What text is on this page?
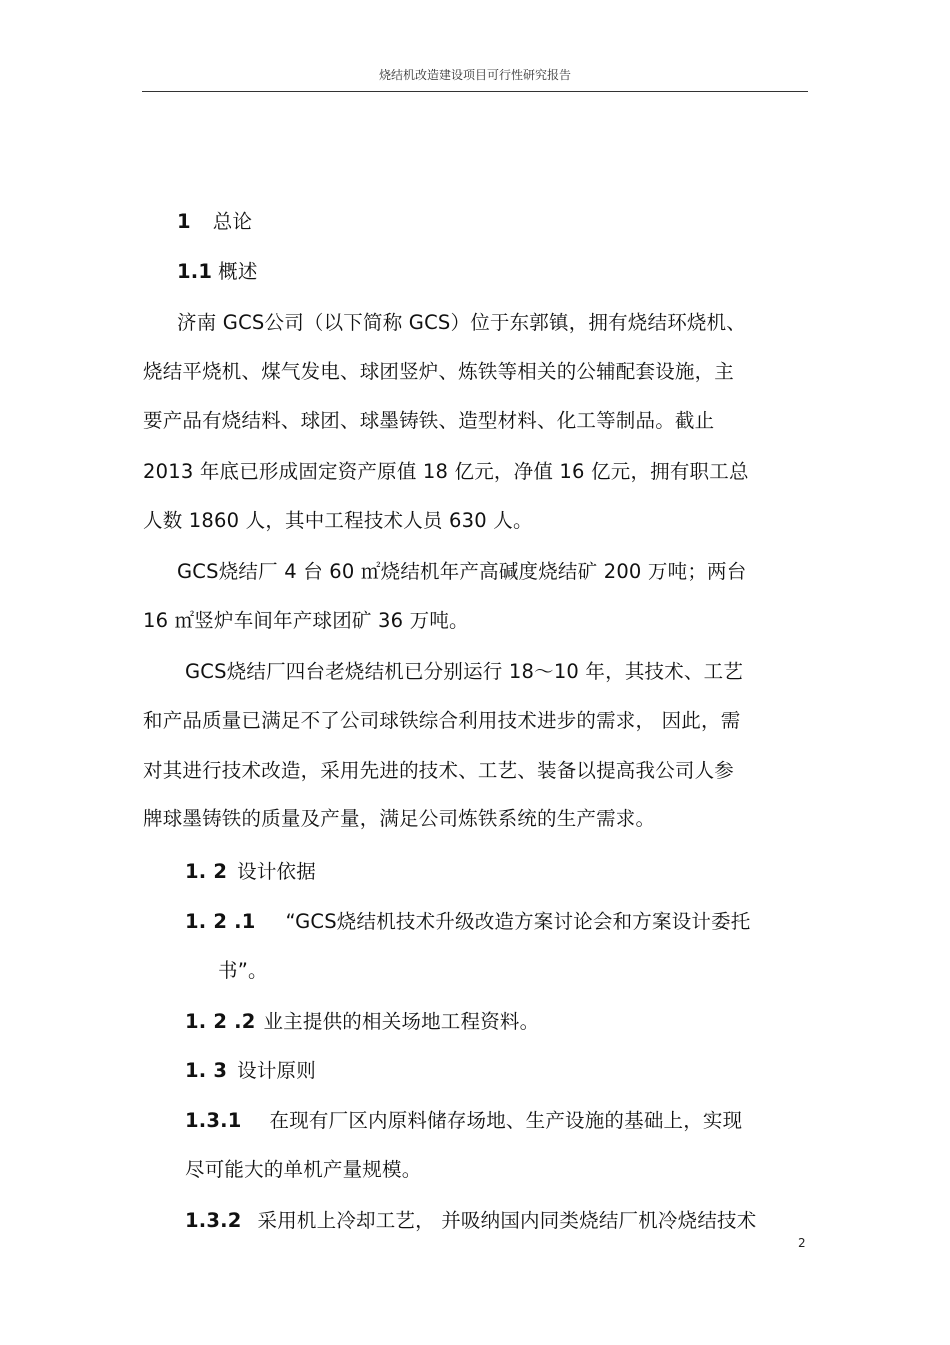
烧结机改造建设项目可行性研究报告
1 总论
1.1 概述
济南 GCS公司（以下简称 GCS）位于东郭镇，拥有烧结环烧机、
烧结平烧机、煤气发电、球团竖炉、炼铁等相关的公辅配套设施，主
要产品有烧结料、球团、球墨铸铁、造型材料、化工等制品。截止
2013 年底已形成固定资产原值 18 亿元，净值 16 亿元，拥有职工总
人数 1860 人，其中工程技术人员 630 人。
GCS烧结厂 4 台 60 ㎡烧结机年产高碱度烧结矿 200 万吨；两台
16 ㎡竖炉车间年产球团矿 36 万吨。
GCS烧结厂四台老烧结机已分别运行 18～10 年，其技术、工艺
和产品质量已满足不了公司球铁综合利用技术进步的需求， 因此，需
对其进行技术改造，采用先进的技术、工艺、装备以提高我公司人参
牌球墨铸铁的质量及产量，满足公司炼铁系统的生产需求。
1. 2 设计依据
1. 2 .1 “GCS烧结机技术升级改造方案讨论会和方案设计委托
书”。
1. 2 .2 业主提供的相关场地工程资料。
1. 3 设计原则
1.3.1 在现有厂区内原料储存场地、生产设施的基础上，实现
尽可能大的单机产量规模。
1.3.2 采用机上冷却工艺， 并吸纳国内同类烧结厂机冷烧结技术
2
